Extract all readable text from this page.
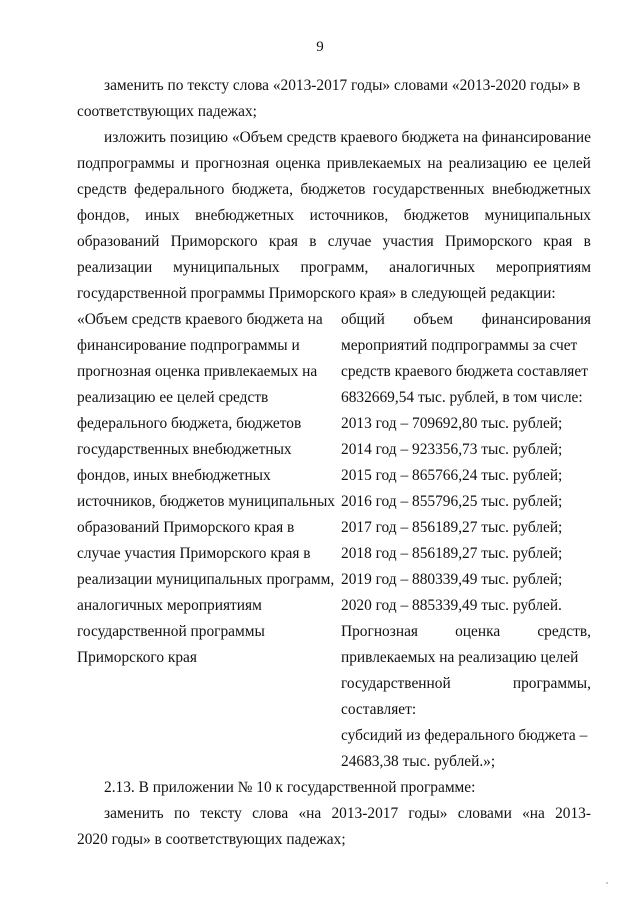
9
заменить по тексту слова «2013-2017 годы» словами «2013-2020 годы» в
соответствующих падежах;
изложить позицию «Объем средств краевого бюджета на финансирование
подпрограммы и прогнозная оценка привлекаемых на реализацию ее целей
средств федерального бюджета, бюджетов государственных внебюджетных
фондов, иных внебюджетных источников, бюджетов муниципальных
образований Приморского края в случае участия Приморского края в
реализации муниципальных программ, аналогичных мероприятиям
государственной программы Приморского края» в следующей редакции:
«Объем средств краевого бюджета на
финансирование подпрограммы и
прогнозная оценка привлекаемых на
реализацию ее целей средств
федерального бюджета, бюджетов
государственных внебюджетных
фондов, иных внебюджетных
источников, бюджетов муниципальных
образований Приморского края в
случае участия Приморского края в
реализации муниципальных программ,
аналогичных мероприятиям
государственной программы
Приморского края
общий объем финансирования
мероприятий подпрограммы за счет
средств краевого бюджета составляет
6832669,54 тыс. рублей, в том числе:
2013 год – 709692,80 тыс. рублей;
2014 год – 923356,73 тыс. рублей;
2015 год – 865766,24 тыс. рублей;
2016 год – 855796,25 тыс. рублей;
2017 год – 856189,27 тыс. рублей;
2018 год – 856189,27 тыс. рублей;
2019 год – 880339,49 тыс. рублей;
2020 год – 885339,49 тыс. рублей.
Прогнозная оценка средств,
привлекаемых на реализацию целей
государственной	программы,
составляет:
субсидий из федерального бюджета –
24683,38 тыс. рублей.»;
2.13. В приложении № 10 к государственной программе:
заменить по тексту слова «на 2013-2017 годы» словами «на 2013-
2020 годы» в соответствующих падежах;
